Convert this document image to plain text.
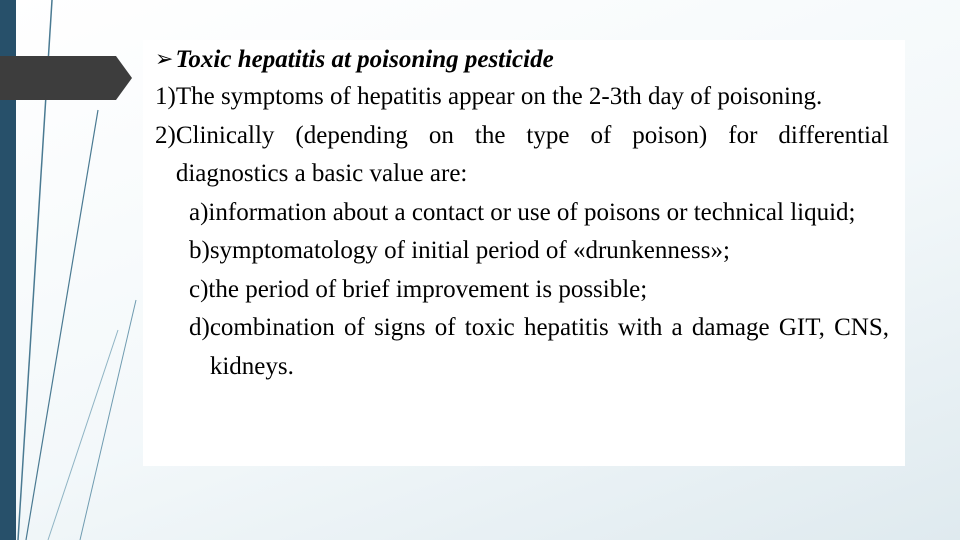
➢ Toxic hepatitis at poisoning pesticide
1) The symptoms of hepatitis appear on the 2-3th day of poisoning.
2) Clinically (depending on the type of poison) for differential diagnostics a basic value are:
a) information about a contact or use of poisons or technical liquid;
b) symptomatology of initial period of «drunkenness»;
c) the period of brief improvement is possible;
d) combination of signs of toxic hepatitis with a damage GIT, CNS, kidneys.
